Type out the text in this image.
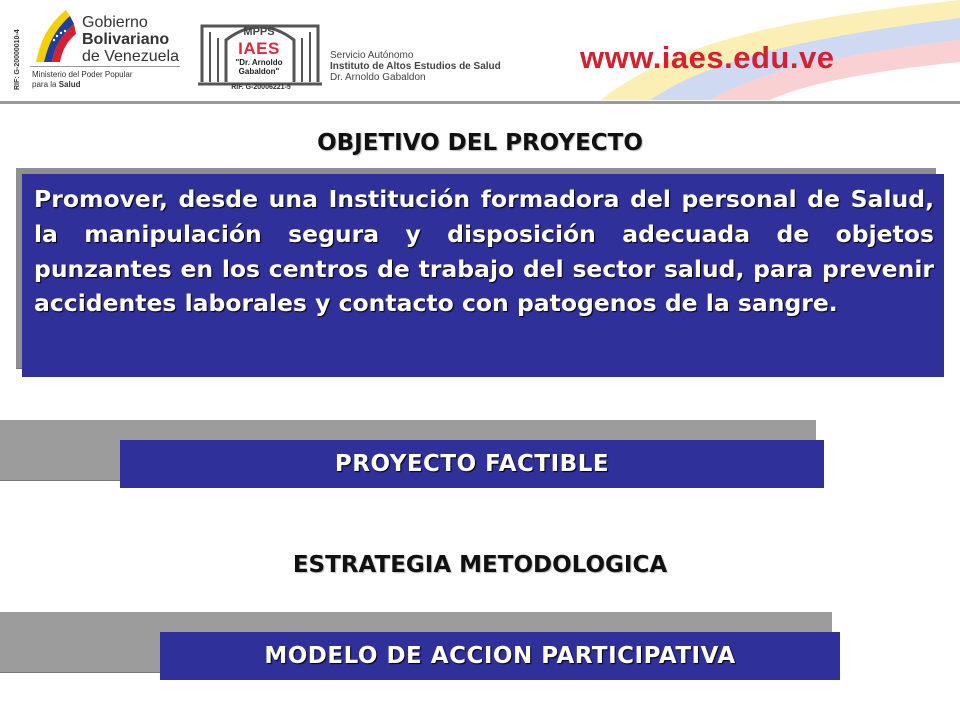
RIF: G-20000010-4
Gobierno
Bolivariano
de Venezuela
Ministerio del Poder Popular
para la Salud
MPPS
IAES
"Dr. Arnoldo
Gabaldon"
RIF. G-20006221-5
Servicio Autónomo
Instituto de Altos Estudios de Salud
Dr. Arnoldo Gabaldon
www.iaes.edu.ve
OBJETIVO DEL PROYECTO
Promover, desde una Institución formadora del personal de Salud, la manipulación segura y disposición adecuada de objetos punzantes en los centros de trabajo del sector salud, para prevenir accidentes laborales y contacto con patogenos de la sangre.
PROYECTO FACTIBLE
ESTRATEGIA METODOLOGICA
MODELO DE ACCION PARTICIPATIVA
